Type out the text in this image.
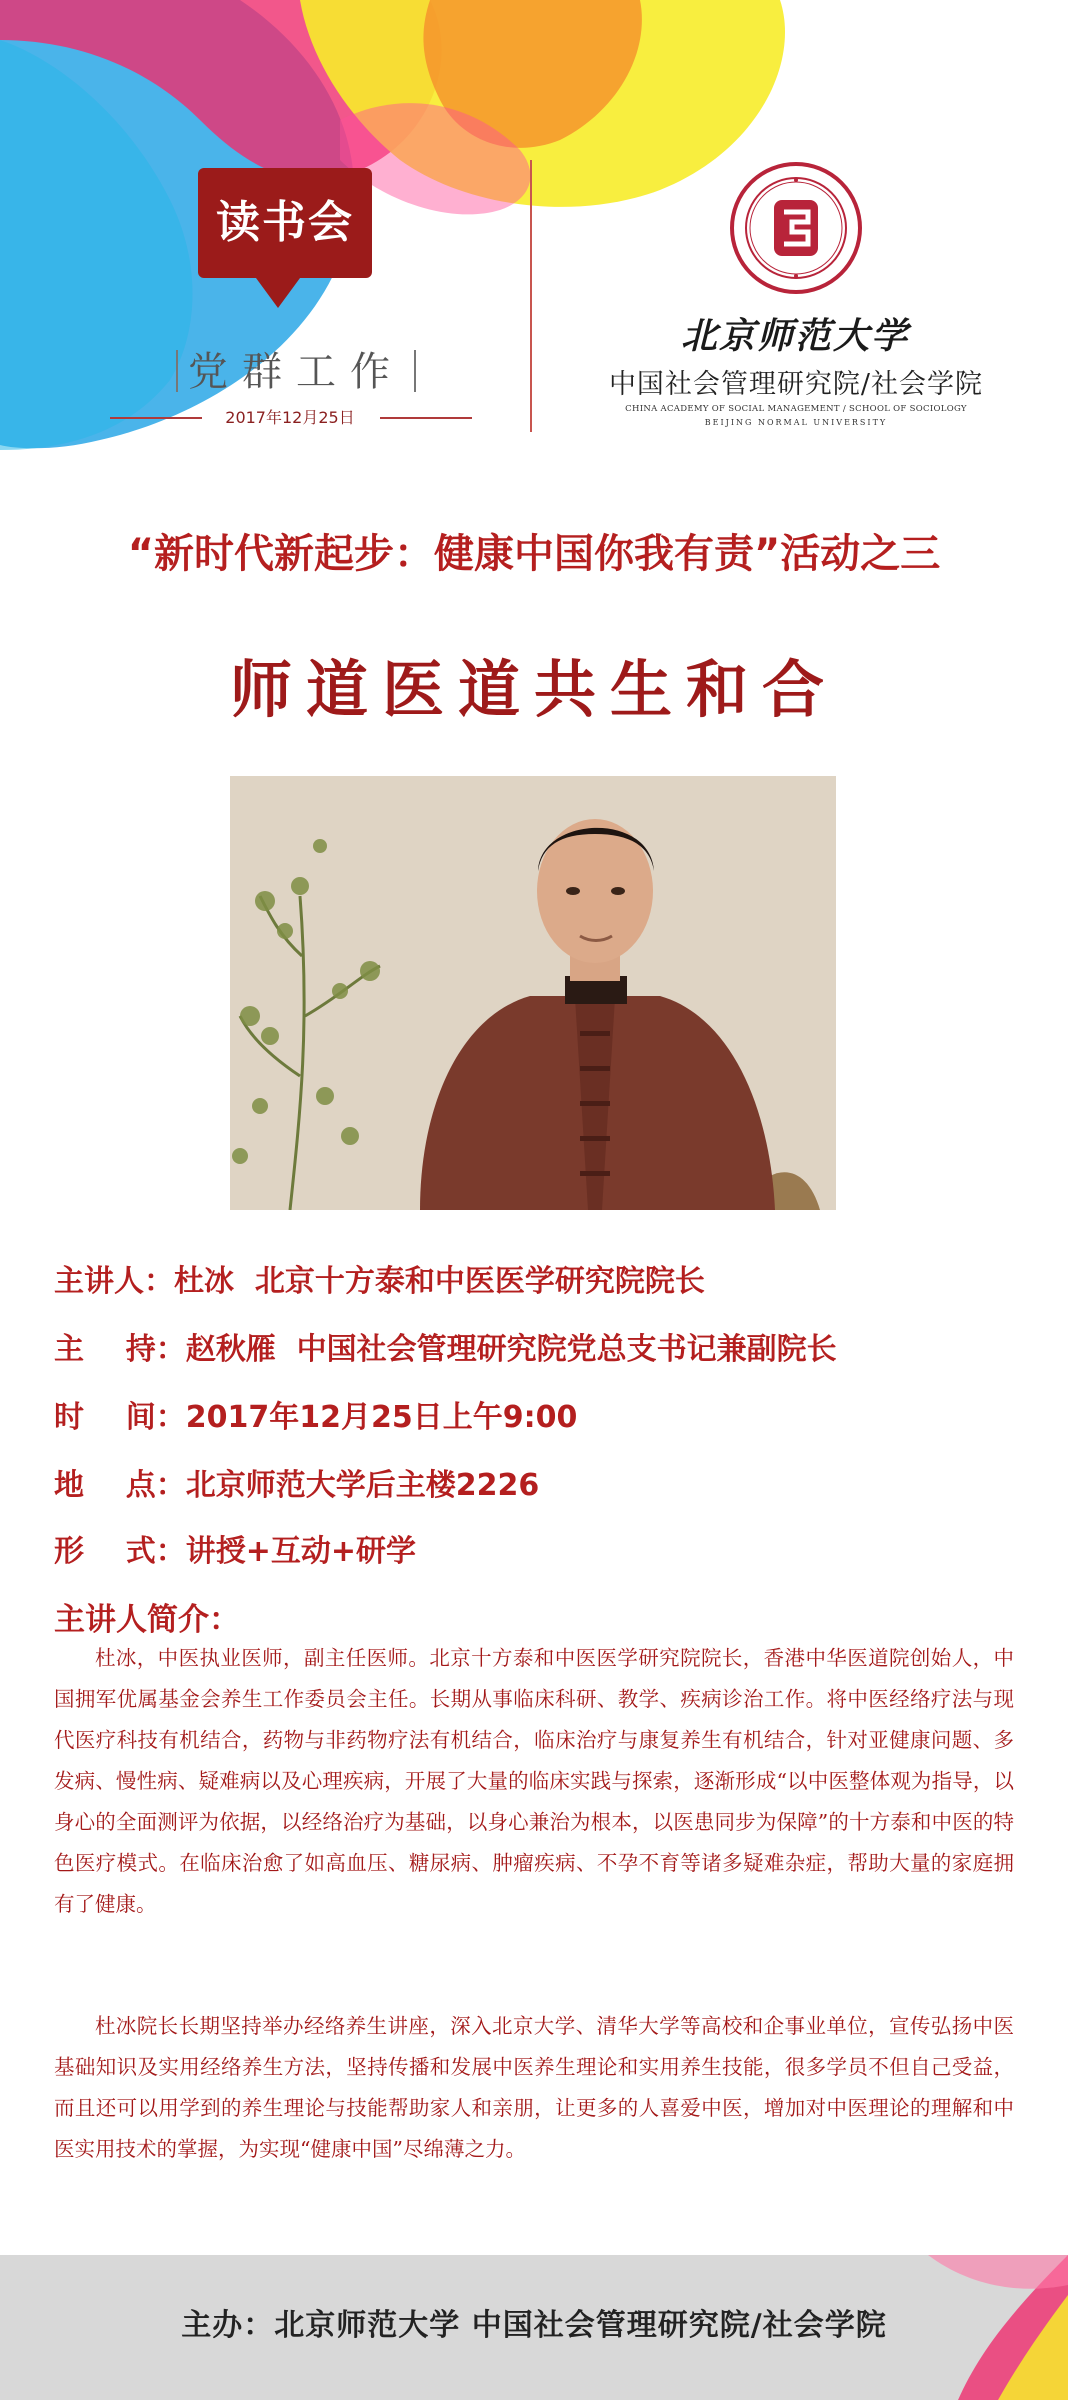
读书会
党群工作
2017年12月25日
北京师范大学
中国社会管理研究院/社会学院
CHINA ACADEMY OF SOCIAL MANAGEMENT / SCHOOL OF SOCIOLOGY
BEIJING NORMAL UNIVERSITY
“新时代新起步：健康中国你我有责”活动之三
师道医道共生和合
主讲人：杜冰  北京十方泰和中医医学研究院院长
主    持：赵秋雁  中国社会管理研究院党总支书记兼副院长
时    间：2017年12月25日上午9:00
地    点：北京师范大学后主楼2226
形    式：讲授+互动+研学
主讲人简介：
杜冰，中医执业医师，副主任医师。北京十方泰和中医医学研究院院长，香港中华医道院创始人，中国拥军优属基金会养生工作委员会主任。长期从事临床科研、教学、疾病诊治工作。将中医经络疗法与现代医疗科技有机结合，药物与非药物疗法有机结合，临床治疗与康复养生有机结合，针对亚健康问题、多发病、慢性病、疑难病以及心理疾病，开展了大量的临床实践与探索，逐渐形成“以中医整体观为指导，以身心的全面测评为依据，以经络治疗为基础，以身心兼治为根本，以医患同步为保障”的十方泰和中医的特色医疗模式。在临床治愈了如高血压、糖尿病、肿瘤疾病、不孕不育等诸多疑难杂症，帮助大量的家庭拥有了健康。
杜冰院长长期坚持举办经络养生讲座，深入北京大学、清华大学等高校和企事业单位，宣传弘扬中医基础知识及实用经络养生方法，坚持传播和发展中医养生理论和实用养生技能，很多学员不但自己受益，而且还可以用学到的养生理论与技能帮助家人和亲朋，让更多的人喜爱中医，增加对中医理论的理解和中医实用技术的掌握，为实现“健康中国”尽绵薄之力。
主办：北京师范大学 中国社会管理研究院/社会学院
